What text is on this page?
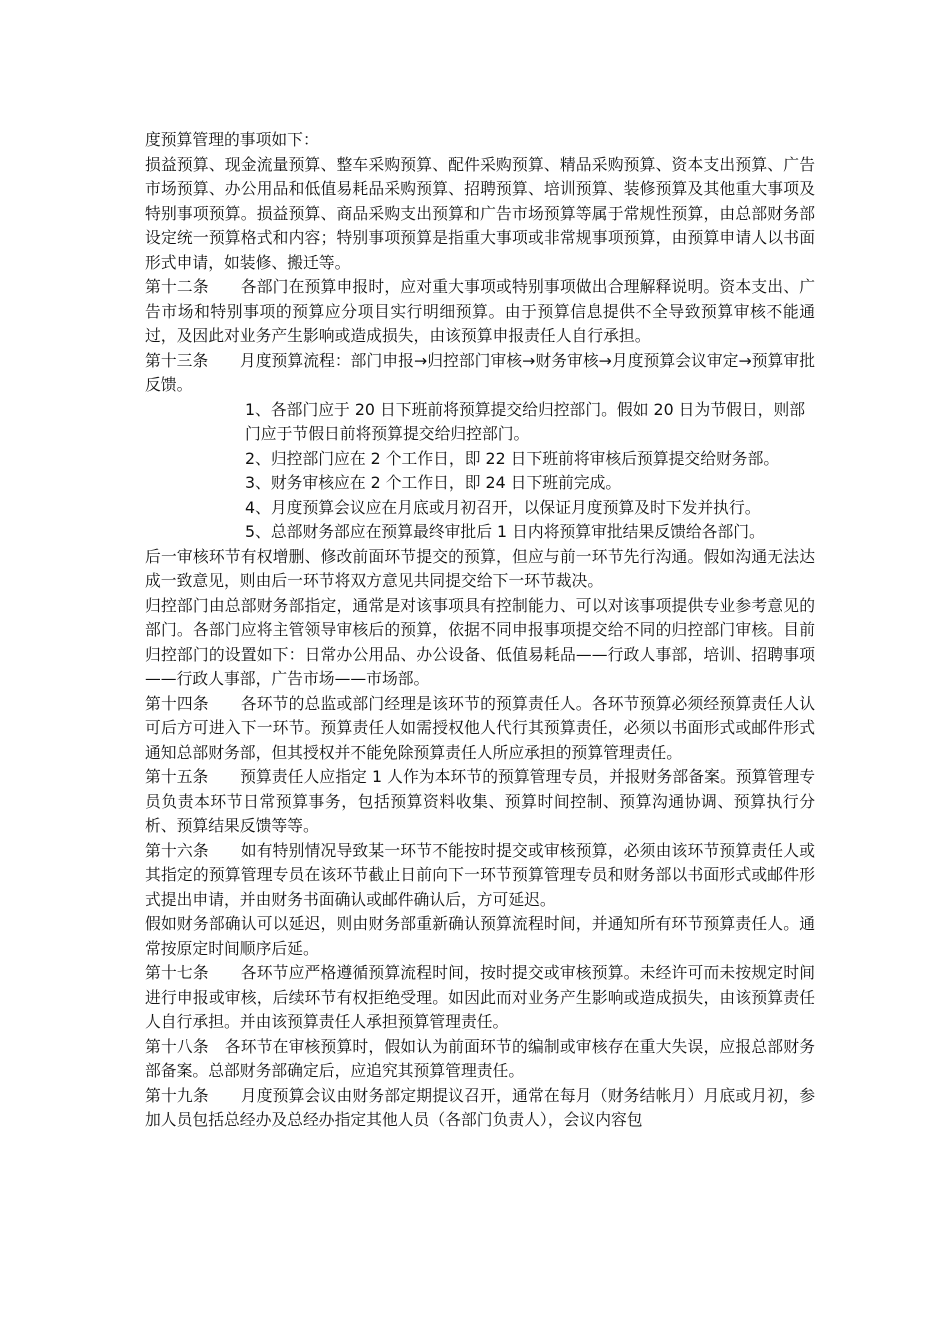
度预算管理的事项如下：

损益预算、现金流量预算、整车采购预算、配件采购预算、精品采购预算、资本支出预算、广告市场预算、办公用品和低值易耗品采购预算、招聘预算、培训预算、装修预算及其他重大事项及特别事项预算。损益预算、商品采购支出预算和广告市场预算等属于常规性预算，由总部财务部设定统一预算格式和内容；特别事项预算是指重大事项或非常规事项预算，由预算申请人以书面形式申请，如装修、搬迁等。

第十二条　　各部门在预算申报时，应对重大事项或特别事项做出合理解释说明。资本支出、广告市场和特别事项的预算应分项目实行明细预算。由于预算信息提供不全导致预算审核不能通过，及因此对业务产生影响或造成损失，由该预算申报责任人自行承担。

第十三条　　月度预算流程：部门申报→归控部门审核→财务审核→月度预算会议审定→预算审批反馈。

1、各部门应于 20 日下班前将预算提交给归控部门。假如 20 日为节假日，则部门应于节假日前将预算提交给归控部门。

2、归控部门应在 2 个工作日，即 22 日下班前将审核后预算提交给财务部。

3、财务审核应在 2 个工作日，即 24 日下班前完成。

4、月度预算会议应在月底或月初召开，以保证月度预算及时下发并执行。

5、总部财务部应在预算最终审批后 1 日内将预算审批结果反馈给各部门。

后一审核环节有权增删、修改前面环节提交的预算，但应与前一环节先行沟通。假如沟通无法达成一致意见，则由后一环节将双方意见共同提交给下一环节裁决。

归控部门由总部财务部指定，通常是对该事项具有控制能力、可以对该事项提供专业参考意见的部门。各部门应将主管领导审核后的预算，依据不同申报事项提交给不同的归控部门审核。目前归控部门的设置如下：日常办公用品、办公设备、低值易耗品——行政人事部，培训、招聘事项——行政人事部，广告市场——市场部。

第十四条　　各环节的总监或部门经理是该环节的预算责任人。各环节预算必须经预算责任人认可后方可进入下一环节。预算责任人如需授权他人代行其预算责任，必须以书面形式或邮件形式通知总部财务部，但其授权并不能免除预算责任人所应承担的预算管理责任。

第十五条　　预算责任人应指定 1 人作为本环节的预算管理专员，并报财务部备案。预算管理专员负责本环节日常预算事务，包括预算资料收集、预算时间控制、预算沟通协调、预算执行分析、预算结果反馈等等。

第十六条　　如有特别情况导致某一环节不能按时提交或审核预算，必须由该环节预算责任人或其指定的预算管理专员在该环节截止日前向下一环节预算管理专员和财务部以书面形式或邮件形式提出申请，并由财务书面确认或邮件确认后，方可延迟。

假如财务部确认可以延迟，则由财务部重新确认预算流程时间，并通知所有环节预算责任人。通常按原定时间顺序后延。

第十七条　　各环节应严格遵循预算流程时间，按时提交或审核预算。未经许可而未按规定时间进行申报或审核，后续环节有权拒绝受理。如因此而对业务产生影响或造成损失，由该预算责任人自行承担。并由该预算责任人承担预算管理责任。

第十八条　各环节在审核预算时，假如认为前面环节的编制或审核存在重大失误，应报总部财务部备案。总部财务部确定后，应追究其预算管理责任。

第十九条　　月度预算会议由财务部定期提议召开，通常在每月（财务结帐月）月底或月初，参加人员包括总经办及总经办指定其他人员（各部门负责人），会议内容包
